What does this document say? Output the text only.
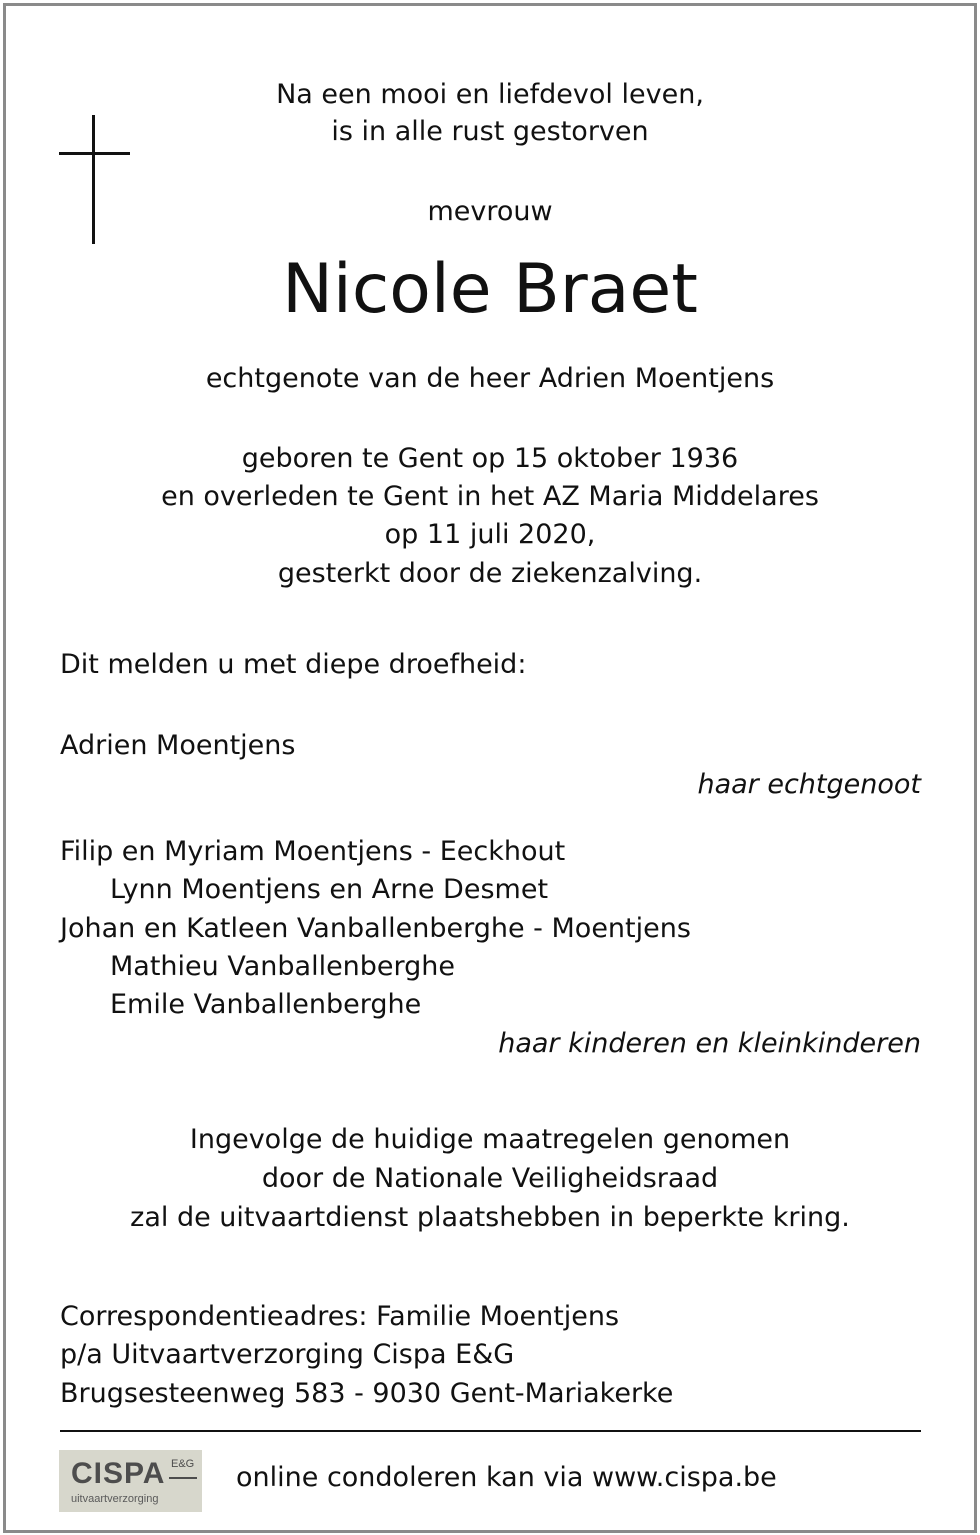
Na een mooi en liefdevol leven,
is in alle rust gestorven
mevrouw
Nicole Braet
echtgenote van de heer Adrien Moentjens
geboren te Gent op 15 oktober 1936
en overleden te Gent in het AZ Maria Middelares
op 11 juli 2020,
gesterkt door de ziekenzalving.
Dit melden u met diepe droefheid:
Adrien Moentjens
haar echtgenoot
Filip en Myriam Moentjens - Eeckhout
Lynn Moentjens en Arne Desmet
Johan en Katleen Vanballenberghe - Moentjens
Mathieu Vanballenberghe
Emile Vanballenberghe
haar kinderen en kleinkinderen
Ingevolge de huidige maatregelen genomen
door de Nationale Veiligheidsraad
zal de uitvaartdienst plaatshebben in beperkte kring.
Correspondentieadres: Familie Moentjens
p/a Uitvaartverzorging Cispa E&G
Brugsesteenweg 583 - 9030 Gent-Mariakerke
CISPA E&G
uitvaartverzorging
online condoleren kan via www.cispa.be
